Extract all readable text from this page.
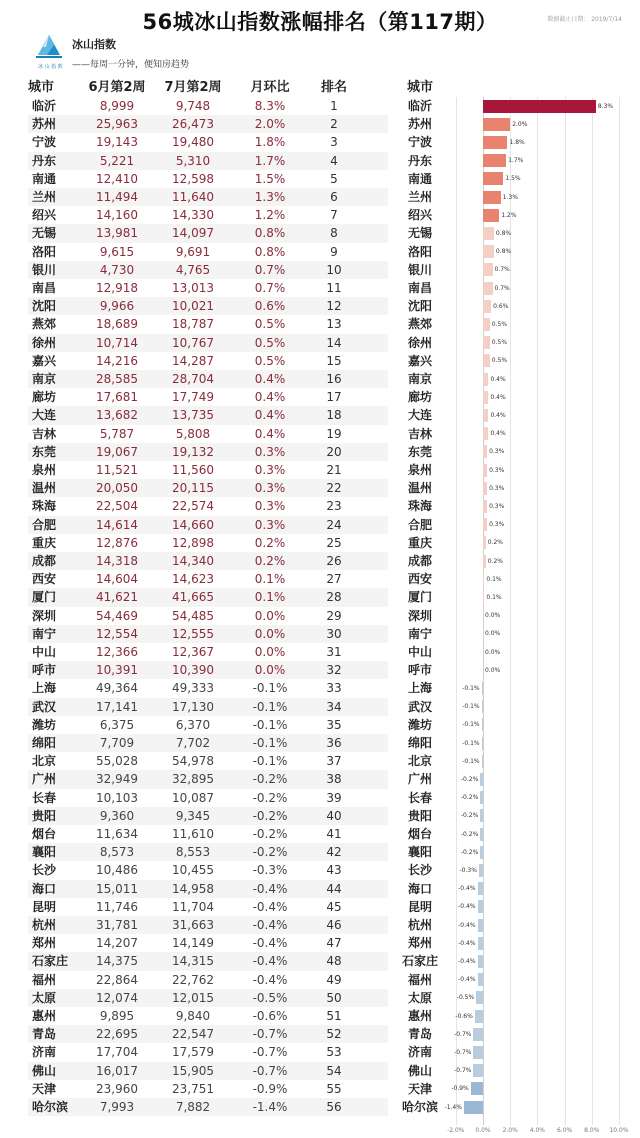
56城冰山指数涨幅排名（第117期）	数据截止日期： 2019/7/14
冰 山 指 数
冰山指数
——每周一分钟，便知房趋势
城市	6月第2周	7月第2周	月环比	排名	城市
临沂	8,999	9,748	8.3%	1
苏州	25,963	26,473	2.0%	2
宁波	19,143	19,480	1.8%	3
丹东	5,221	5,310	1.7%	4
南通	12,410	12,598	1.5%	5
兰州	11,494	11,640	1.3%	6
绍兴	14,160	14,330	1.2%	7
无锡	13,981	14,097	0.8%	8
洛阳	9,615	9,691	0.8%	9
银川	4,730	4,765	0.7%	10
南昌	12,918	13,013	0.7%	11
沈阳	9,966	10,021	0.6%	12
燕郊	18,689	18,787	0.5%	13
徐州	10,714	10,767	0.5%	14
嘉兴	14,216	14,287	0.5%	15
南京	28,585	28,704	0.4%	16
廊坊	17,681	17,749	0.4%	17
大连	13,682	13,735	0.4%	18
吉林	5,787	5,808	0.4%	19
东莞	19,067	19,132	0.3%	20
泉州	11,521	11,560	0.3%	21
温州	20,050	20,115	0.3%	22
珠海	22,504	22,574	0.3%	23
合肥	14,614	14,660	0.3%	24
重庆	12,876	12,898	0.2%	25
成都	14,318	14,340	0.2%	26
西安	14,604	14,623	0.1%	27
厦门	41,621	41,665	0.1%	28
深圳	54,469	54,485	0.0%	29
南宁	12,554	12,555	0.0%	30
中山	12,366	12,367	0.0%	31
呼市	10,391	10,390	0.0%	32
上海	49,364	49,333	-0.1%	33
武汉	17,141	17,130	-0.1%	34
潍坊	6,375	6,370	-0.1%	35
绵阳	7,709	7,702	-0.1%	36
北京	55,028	54,978	-0.1%	37
广州	32,949	32,895	-0.2%	38
长春	10,103	10,087	-0.2%	39
贵阳	9,360	9,345	-0.2%	40
烟台	11,634	11,610	-0.2%	41
襄阳	8,573	8,553	-0.2%	42
长沙	10,486	10,455	-0.3%	43
海口	15,011	14,958	-0.4%	44
昆明	11,746	11,704	-0.4%	45
杭州	31,781	31,663	-0.4%	46
郑州	14,207	14,149	-0.4%	47
石家庄	14,375	14,315	-0.4%	48
福州	22,864	22,762	-0.4%	49
太原	12,074	12,015	-0.5%	50
惠州	9,895	9,840	-0.6%	51
青岛	22,695	22,547	-0.7%	52
济南	17,704	17,579	-0.7%	53
佛山	16,017	15,905	-0.7%	54
天津	23,960	23,751	-0.9%	55
哈尔滨	7,993	7,882	-1.4%	56
-2.0%	0.0%	2.0%	4.0%	6.0%	8.0%	10.0%
临沂	8.3%
苏州	2.0%
宁波	1.8%
丹东	1.7%
南通	1.5%
兰州	1.3%
绍兴	1.2%
无锡	0.8%
洛阳	0.8%
银川	0.7%
南昌	0.7%
沈阳	0.6%
燕郊	0.5%
徐州	0.5%
嘉兴	0.5%
南京	0.4%
廊坊	0.4%
大连	0.4%
吉林	0.4%
东莞	0.3%
泉州	0.3%
温州	0.3%
珠海	0.3%
合肥	0.3%
重庆	0.2%
成都	0.2%
西安	0.1%
厦门	0.1%
深圳	0.0%
南宁	0.0%
中山	0.0%
呼市	0.0%
上海	-0.1%
武汉	-0.1%
潍坊	-0.1%
绵阳	-0.1%
北京	-0.1%
广州	-0.2%
长春	-0.2%
贵阳	-0.2%
烟台	-0.2%
襄阳	-0.2%
长沙	-0.3%
海口	-0.4%
昆明	-0.4%
杭州	-0.4%
郑州	-0.4%
石家庄	-0.4%
福州	-0.4%
太原	-0.5%
惠州	-0.6%
青岛	-0.7%
济南	-0.7%
佛山	-0.7%
天津	-0.9%
哈尔滨	-1.4%
